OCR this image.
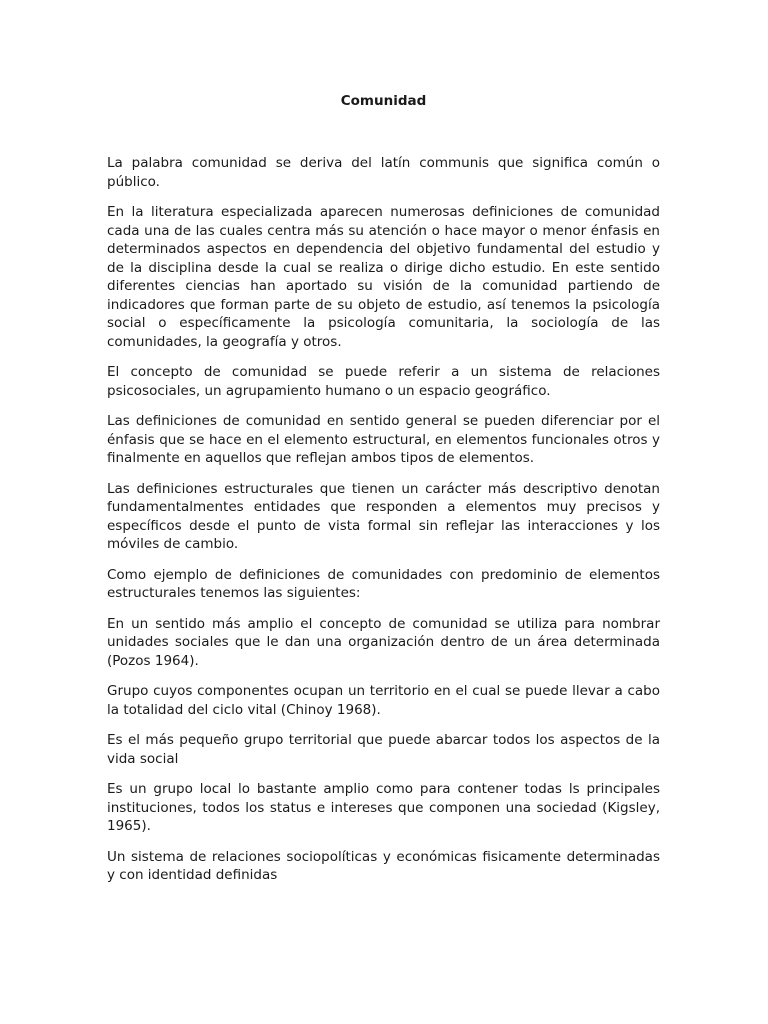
Comunidad

La palabra comunidad se deriva del latín communis que significa común o público.

En la literatura especializada aparecen numerosas definiciones de comunidad cada una de las cuales centra más su atención o hace mayor o menor énfasis en determinados aspectos en dependencia del objetivo fundamental del estudio y de la disciplina desde la cual se realiza o dirige dicho estudio. En este sentido diferentes ciencias han aportado su visión de la comunidad partiendo de indicadores que forman parte de su objeto de estudio, así tenemos la psicología social o específicamente la psicología comunitaria, la sociología de las comunidades, la geografía y otros.

El concepto de comunidad se puede referir a un sistema de relaciones psicosociales, un agrupamiento humano o un espacio geográfico.

Las definiciones de comunidad en sentido general se pueden diferenciar por el énfasis que se hace en el elemento estructural, en elementos funcionales otros y finalmente en aquellos que reflejan ambos tipos de elementos.

Las definiciones estructurales que tienen un carácter más descriptivo denotan fundamentalmentes entidades que responden a elementos muy precisos y específicos desde el punto de vista formal sin reflejar las interacciones y los móviles de cambio.

Como ejemplo de definiciones de comunidades con predominio de elementos estructurales tenemos las siguientes:

En un sentido más amplio el concepto de comunidad se utiliza para nombrar unidades sociales que le dan una organización dentro de un área determinada (Pozos 1964).

Grupo cuyos componentes ocupan un territorio en el cual se puede llevar a cabo la totalidad del ciclo vital (Chinoy 1968).

Es el más pequeño grupo territorial que puede abarcar todos los aspectos de la vida social

Es un grupo local lo bastante amplio como para contener todas ls principales instituciones, todos los status e intereses que componen una sociedad (Kigsley, 1965).

Un sistema de relaciones sociopolíticas y económicas fisicamente determinadas y con identidad definidas
